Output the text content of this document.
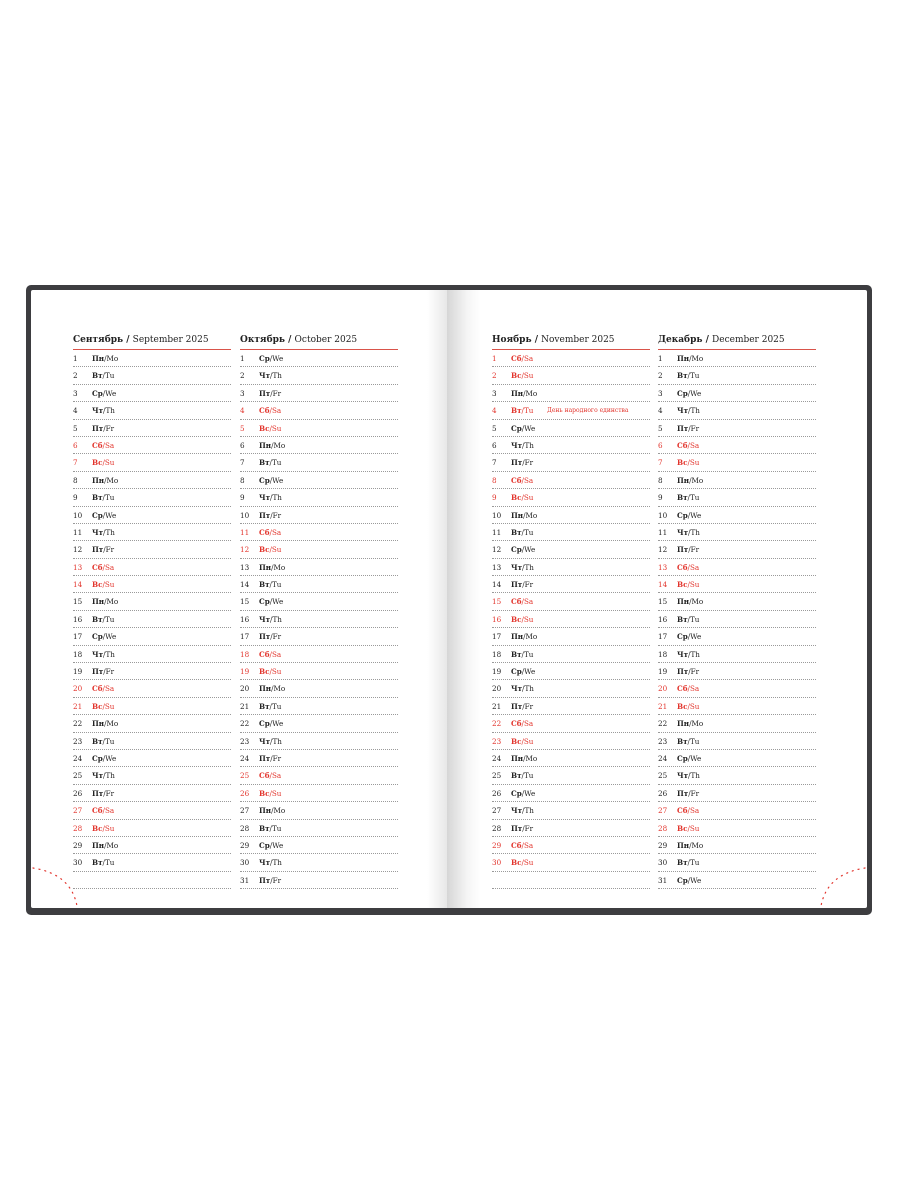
Сентябрь / September 2025
1	Пн/Mo
2	Вт/Tu
3	Ср/We
4	Чт/Th
5	Пт/Fr
6	Сб/Sa
7	Вс/Su
8	Пн/Mo
9	Вт/Tu
10	Ср/We
11	Чт/Th
12	Пт/Fr
13	Сб/Sa
14	Вс/Su
15	Пн/Mo
16	Вт/Tu
17	Ср/We
18	Чт/Th
19	Пт/Fr
20	Сб/Sa
21	Вс/Su
22	Пн/Mo
23	Вт/Tu
24	Ср/We
25	Чт/Th
26	Пт/Fr
27	Сб/Sa
28	Вс/Su
29	Пн/Mo
30	Вт/Tu
Октябрь / October 2025
1	Ср/We
2	Чт/Th
3	Пт/Fr
4	Сб/Sa
5	Вс/Su
6	Пн/Mo
7	Вт/Tu
8	Ср/We
9	Чт/Th
10	Пт/Fr
11	Сб/Sa
12	Вс/Su
13	Пн/Mo
14	Вт/Tu
15	Ср/We
16	Чт/Th
17	Пт/Fr
18	Сб/Sa
19	Вс/Su
20	Пн/Mo
21	Вт/Tu
22	Ср/We
23	Чт/Th
24	Пт/Fr
25	Сб/Sa
26	Вс/Su
27	Пн/Mo
28	Вт/Tu
29	Ср/We
30	Чт/Th
31	Пт/Fr
Ноябрь / November 2025
1	Сб/Sa
2	Вс/Su
3	Пн/Mo
4	Вт/Tu День народного единства
5	Ср/We
6	Чт/Th
7	Пт/Fr
8	Сб/Sa
9	Вс/Su
10	Пн/Mo
11	Вт/Tu
12	Ср/We
13	Чт/Th
14	Пт/Fr
15	Сб/Sa
16	Вс/Su
17	Пн/Mo
18	Вт/Tu
19	Ср/We
20	Чт/Th
21	Пт/Fr
22	Сб/Sa
23	Вс/Su
24	Пн/Mo
25	Вт/Tu
26	Ср/We
27	Чт/Th
28	Пт/Fr
29	Сб/Sa
30	Вс/Su
Декабрь / December 2025
1	Пн/Mo
2	Вт/Tu
3	Ср/We
4	Чт/Th
5	Пт/Fr
6	Сб/Sa
7	Вс/Su
8	Пн/Mo
9	Вт/Tu
10	Ср/We
11	Чт/Th
12	Пт/Fr
13	Сб/Sa
14	Вс/Su
15	Пн/Mo
16	Вт/Tu
17	Ср/We
18	Чт/Th
19	Пт/Fr
20	Сб/Sa
21	Вс/Su
22	Пн/Mo
23	Вт/Tu
24	Ср/We
25	Чт/Th
26	Пт/Fr
27	Сб/Sa
28	Вс/Su
29	Пн/Mo
30	Вт/Tu
31	Ср/We
